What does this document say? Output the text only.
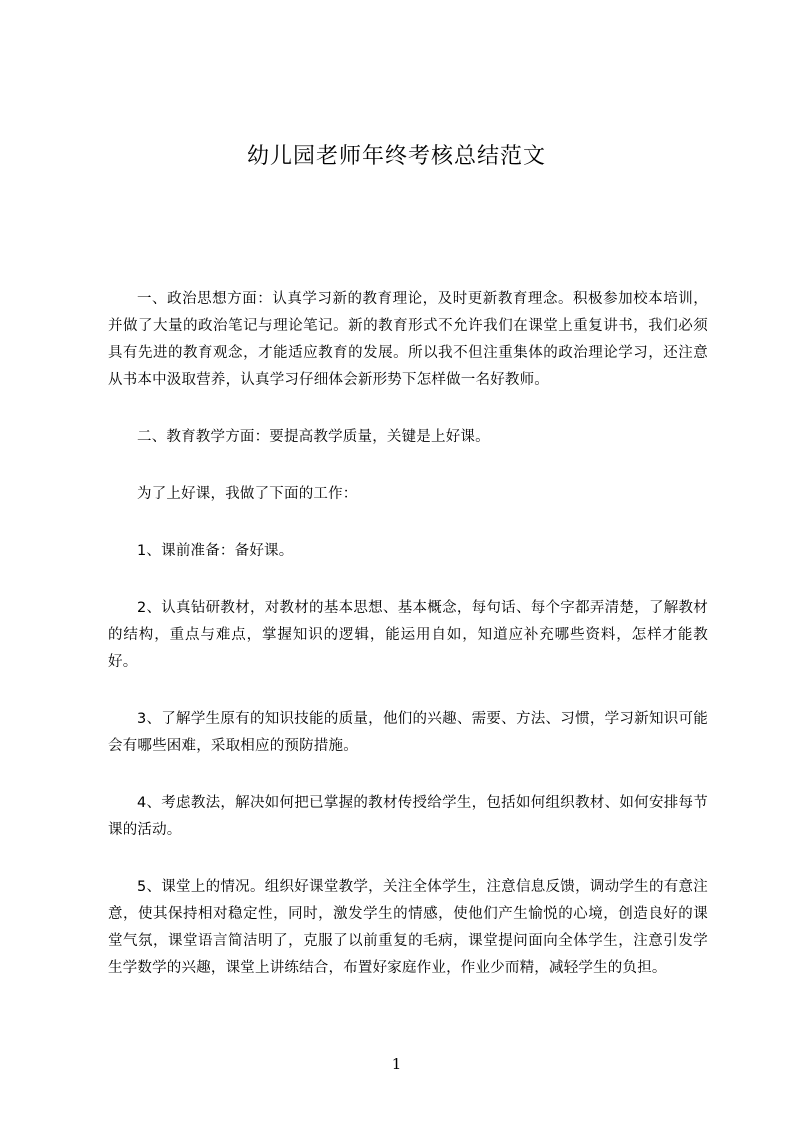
幼儿园老师年终考核总结范文

一、政治思想方面：认真学习新的教育理论，及时更新教育理念。积极参加校本培训，并做了大量的政治笔记与理论笔记。新的教育形式不允许我们在课堂上重复讲书，我们必须具有先进的教育观念，才能适应教育的发展。所以我不但注重集体的政治理论学习，还注意从书本中汲取营养，认真学习仔细体会新形势下怎样做一名好教师。

二、教育教学方面：要提高教学质量，关键是上好课。

为了上好课，我做了下面的工作：

1、课前准备：备好课。

2、认真钻研教材，对教材的基本思想、基本概念，每句话、每个字都弄清楚，了解教材的结构，重点与难点，掌握知识的逻辑，能运用自如，知道应补充哪些资料，怎样才能教好。

3、了解学生原有的知识技能的质量，他们的兴趣、需要、方法、习惯，学习新知识可能会有哪些困难，采取相应的预防措施。

4、考虑教法，解决如何把已掌握的教材传授给学生，包括如何组织教材、如何安排每节课的活动。

5、课堂上的情况。组织好课堂教学，关注全体学生，注意信息反馈，调动学生的有意注意，使其保持相对稳定性，同时，激发学生的情感，使他们产生愉悦的心境，创造良好的课堂气氛，课堂语言简洁明了，克服了以前重复的毛病，课堂提问面向全体学生，注意引发学生学数学的兴趣，课堂上讲练结合，布置好家庭作业，作业少而精，减轻学生的负担。

1
